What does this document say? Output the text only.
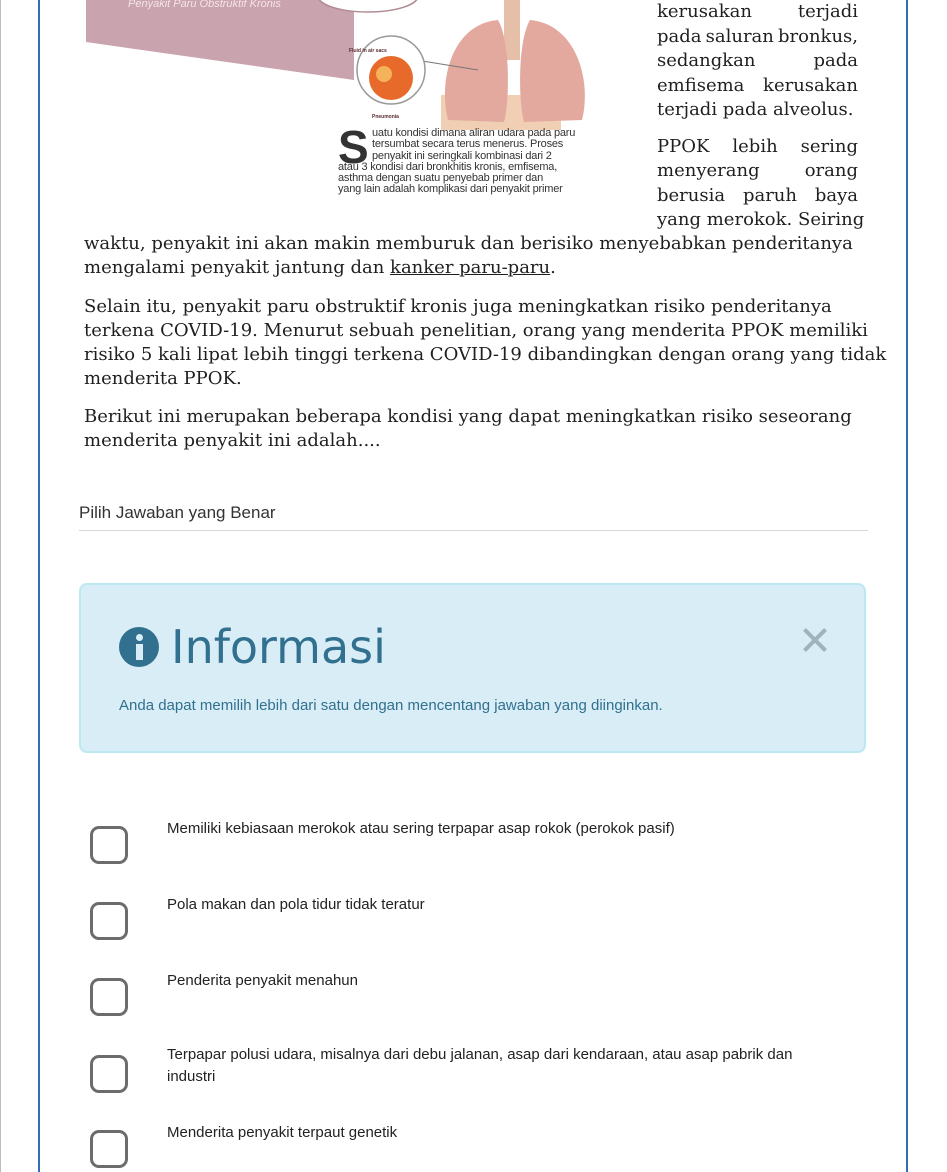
Penyakit Paru Obstruktif Kronis
Fluid in air sacs
Pneumonia
S uatu kondisi dimana aliran udara pada paru
tersumbat secara terus menerus. Proses
penyakit ini seringkali kombinasi dari 2
atau 3 kondisi dari bronkhitis kronis, emfisema,
asthma dengan suatu penyebab primer dan
yang lain adalah komplikasi dari penyakit primer
kerusakan	terjadi
pada saluran bronkus,
sedangkan	pada
emfisema kerusakan
terjadi pada alveolus.
PPOK lebih sering
menyerang	orang
berusia paruh baya
yang merokok. Seiring
waktu, penyakit ini akan makin memburuk dan berisiko menyebabkan penderitanya
mengalami penyakit jantung dan kanker paru-paru.
Selain itu, penyakit paru obstruktif kronis juga meningkatkan risiko penderitanya
terkena COVID-19. Menurut sebuah penelitian, orang yang menderita PPOK memiliki
risiko 5 kali lipat lebih tinggi terkena COVID-19 dibandingkan dengan orang yang tidak
menderita PPOK.
Berikut ini merupakan beberapa kondisi yang dapat meningkatkan risiko seseorang
menderita penyakit ini adalah....
Pilih Jawaban yang Benar
Informasi
Anda dapat memilih lebih dari satu dengan mencentang jawaban yang diinginkan.
Memiliki kebiasaan merokok atau sering terpapar asap rokok (perokok pasif)
Pola makan dan pola tidur tidak teratur
Penderita penyakit menahun
Terpapar polusi udara, misalnya dari debu jalanan, asap dari kendaraan, atau asap pabrik dan industri
Menderita penyakit terpaut genetik
